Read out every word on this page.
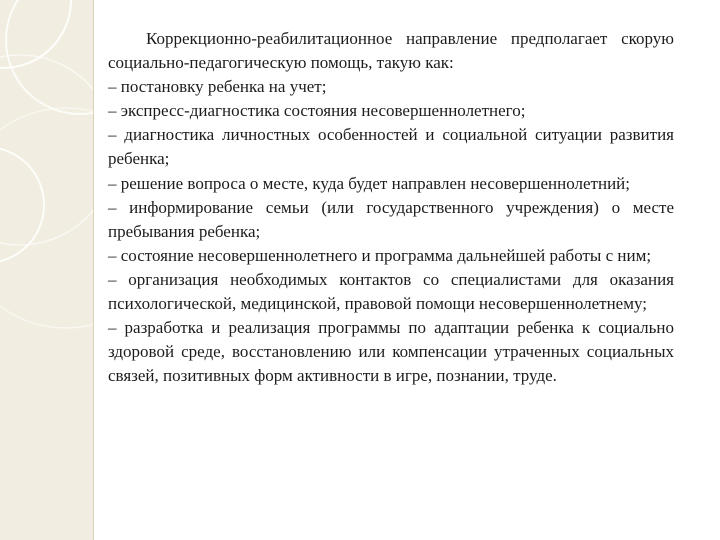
Коррекционно-реабилитационное направление предполагает скорую социально-педагогическую помощь, такую как:

– постановку ребенка на учет;

– экспресс-диагностика состояния несовершеннолетнего;

– диагностика личностных особенностей и социальной ситуации развития ребенка;

– решение вопроса о месте, куда будет направлен несовершеннолетний;

– информирование семьи (или государственного учреждения) о месте пребывания ребенка;

– состояние несовершеннолетнего и программа дальнейшей работы с ним;

– организация необходимых контактов со специалистами для оказания психологической, медицинской, правовой помощи несовершеннолетнему;

– разработка и реализация программы по адаптации ребенка к социально здоровой среде, восстановлению или компенсации утраченных социальных связей, позитивных форм активности в игре, познании, труде.
